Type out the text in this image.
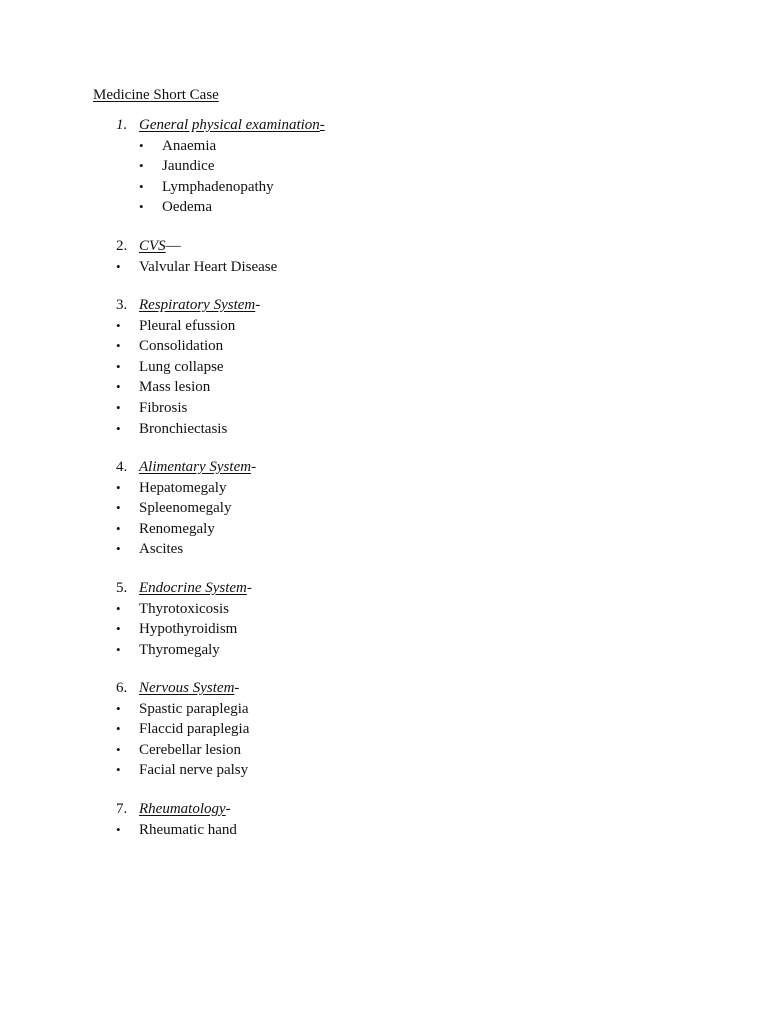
Medicine Short Case
1. General physical examination-
• Anaemia
• Jaundice
• Lymphadenopathy
• Oedema
2. CVS—
• Valvular Heart Disease
3. Respiratory System-
• Pleural efussion
• Consolidation
• Lung collapse
• Mass lesion
• Fibrosis
• Bronchiectasis
4. Alimentary System-
• Hepatomegaly
• Spleenomegaly
• Renomegaly
• Ascites
5. Endocrine System-
• Thyrotoxicosis
• Hypothyroidism
• Thyromegaly
6. Nervous System-
• Spastic paraplegia
• Flaccid paraplegia
• Cerebellar lesion
• Facial nerve palsy
7. Rheumatology-
• Rheumatic hand
